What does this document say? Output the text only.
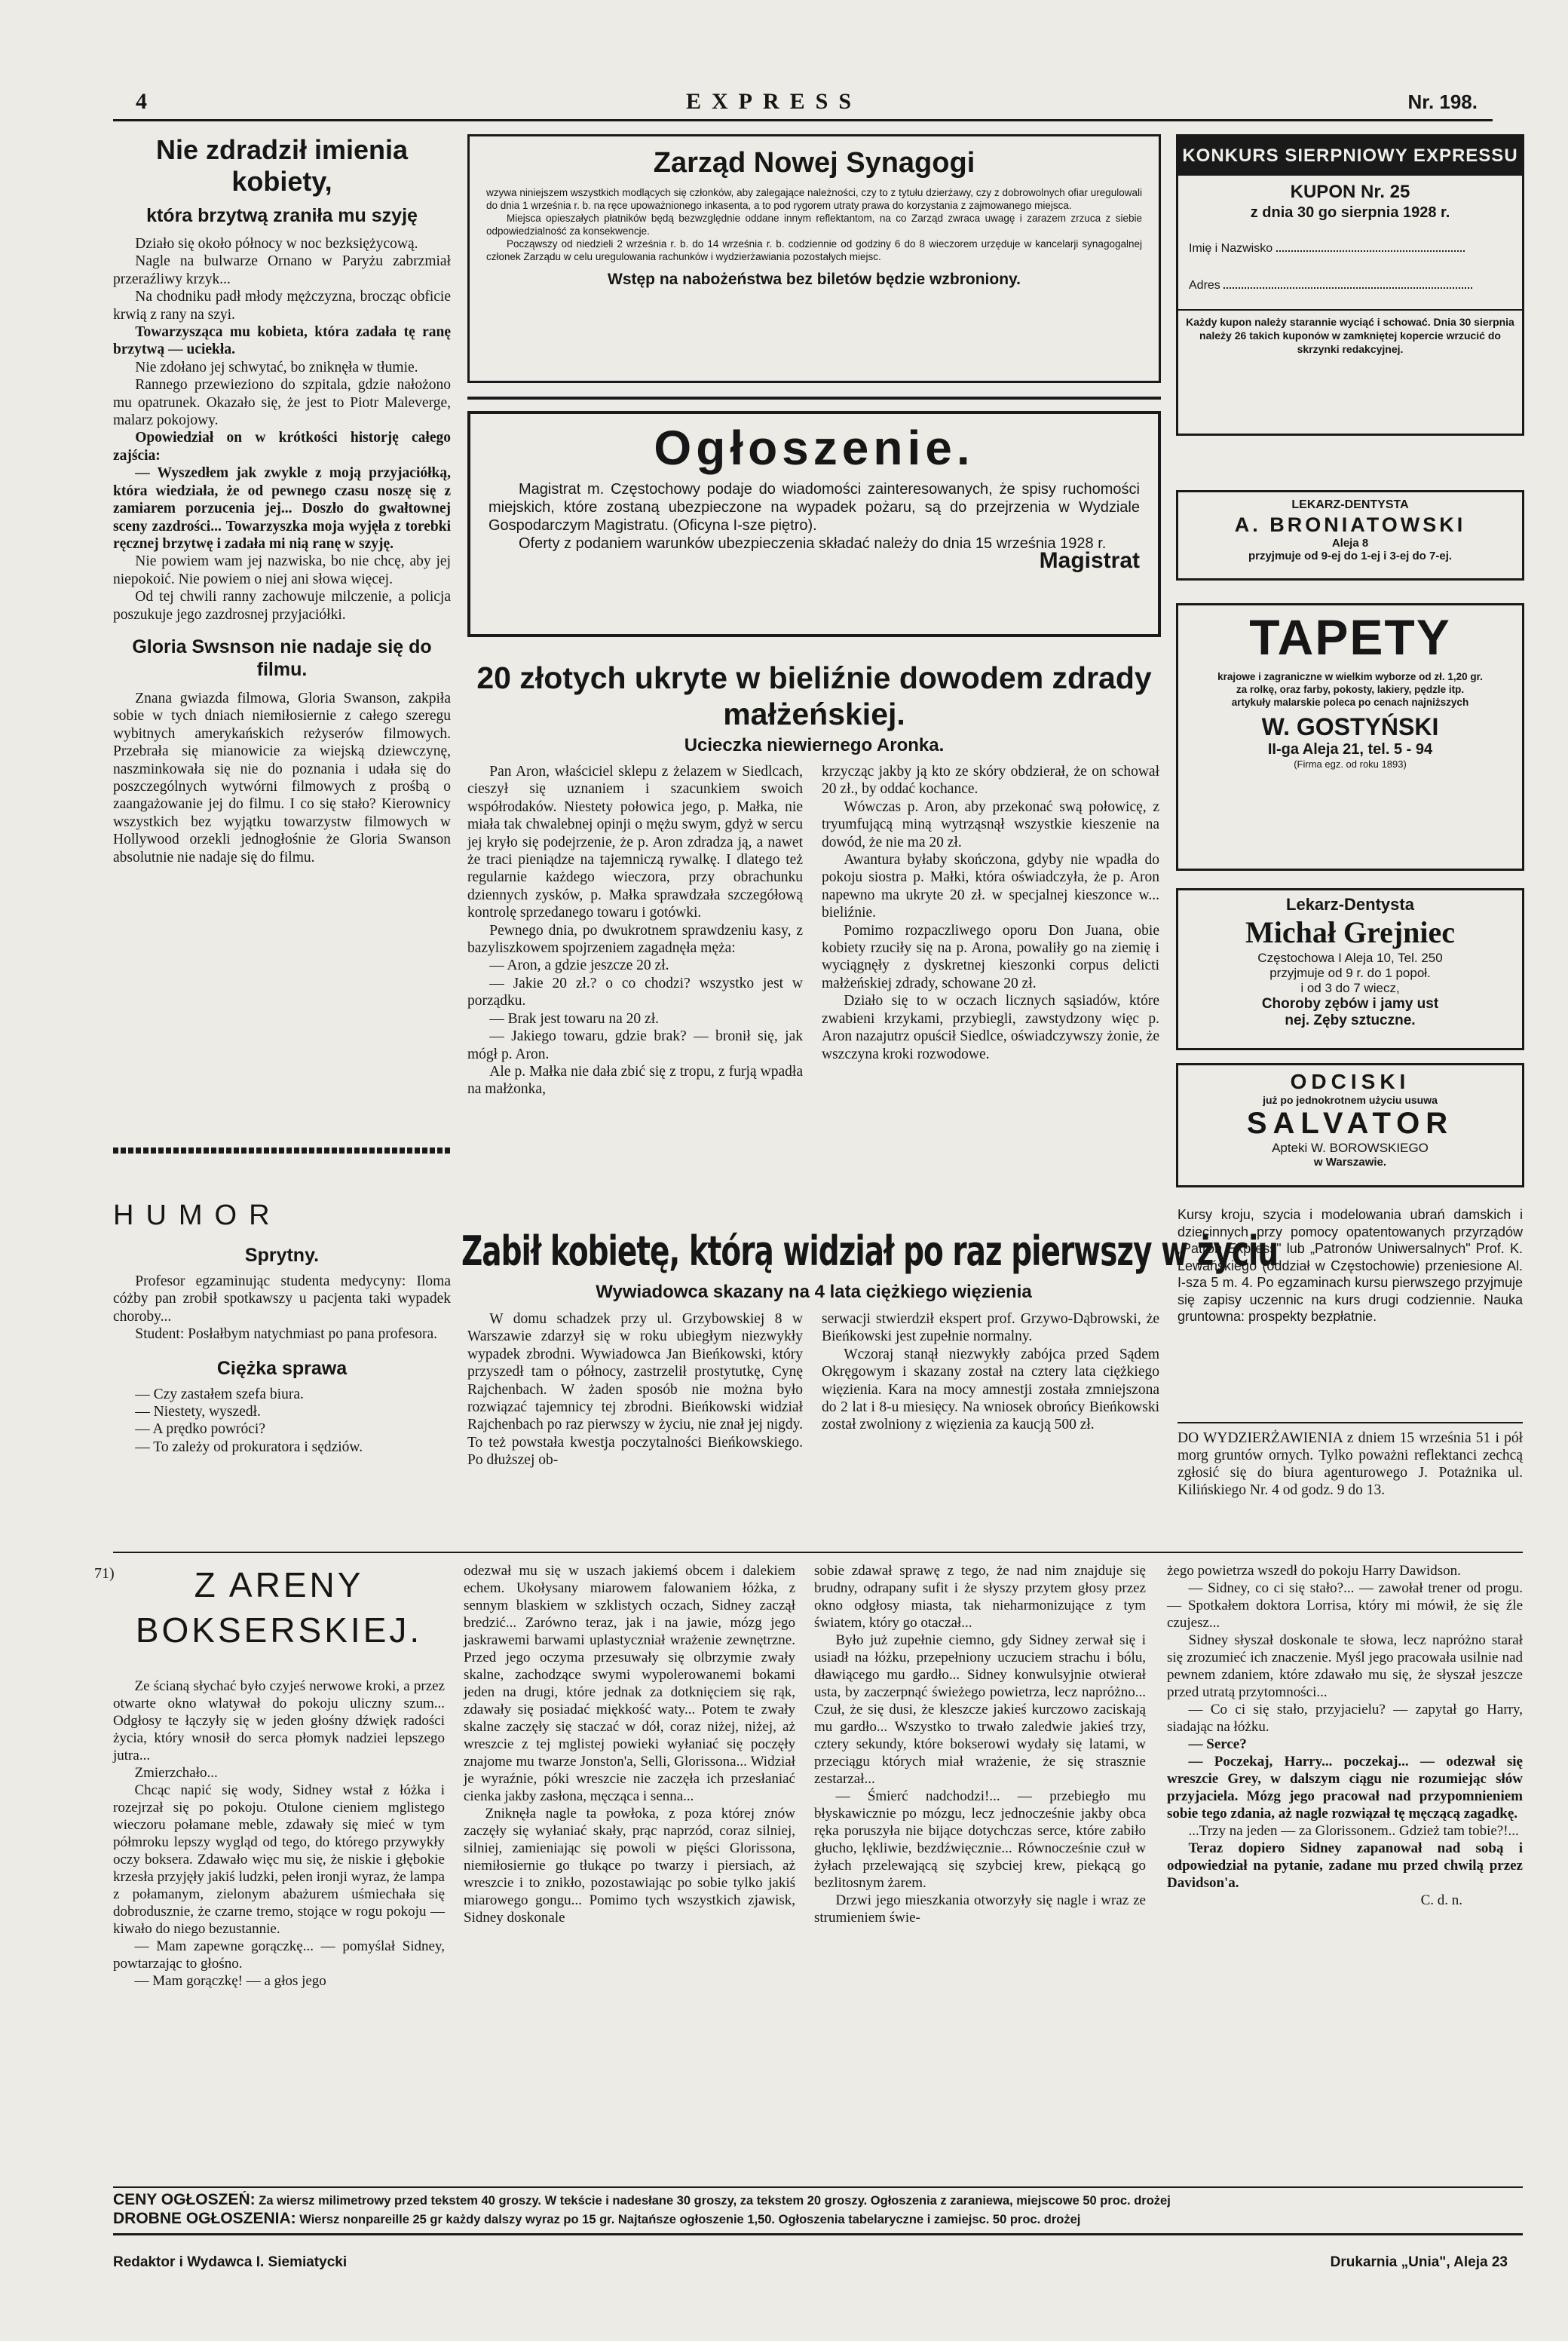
4	EXPRESS	Nr. 198.
Nie zdradził imienia kobiety,
która brzytwą zraniła mu szyję

Działo się około północy w noc bezksiężycową.

Nagle na bulwarze Ornano w Paryżu zabrzmiał przeraźliwy krzyk...

Na chodniku padł młody mężczyzna, brocząc obficie krwią z rany na szyi.

Towarzysząca mu kobieta, która zadała tę ranę brzytwą — uciekła.

Nie zdołano jej schwytać, bo zniknęła w tłumie.

Rannego przewieziono do szpitala, gdzie nałożono mu opatrunek. Okazało się, że jest to Piotr Maleverge, malarz pokojowy.

Opowiedział on w krótkości historję całego zajścia:

— Wyszedłem jak zwykle z moją przyjaciółką, która wiedziała, że od pewnego czasu noszę się z zamiarem porzucenia jej... Doszło do gwałtownej sceny zazdrości... Towarzyszka moja wyjęła z torebki ręcznej brzytwę i zadała mi nią ranę w szyję.

Nie powiem wam jej nazwiska, bo nie chcę, aby jej niepokoić. Nie powiem o niej ani słowa więcej.

Od tej chwili ranny zachowuje milczenie, a policja poszukuje jego zazdrosnej przyjaciółki.

Gloria Swsnson nie nadaje się do filmu.

Znana gwiazda filmowa, Gloria Swanson, zakpiła sobie w tych dniach niemiłosiernie z całego szeregu wybitnych amerykańskich reżyserów filmowych. Przebrała się mianowicie za wiejską dziewczynę, naszminkowała się nie do poznania i udała się do poszczególnych wytwórni filmowych z prośbą o zaangażowanie jej do filmu. I co się stało? Kierownicy wszystkich bez wyjątku towarzystw filmowych w Hollywood orzekli jednogłośnie że Gloria Swanson absolutnie nie nadaje się do filmu.

HUMOR
Sprytny.

Profesor egzaminując studenta medycyny: Iloma cóżby pan zrobił spotkawszy u pacjenta taki wypadek choroby...

Student: Posłałbym natychmiast po pana profesora.

Ciężka sprawa

— Czy zastałem szefa biura.

— Niestety, wyszedł.

— A prędko powróci?

— To zależy od prokuratora i sędziów.

Zarząd Nowej Synagogi

wzywa niniejszem wszystkich modlących się członków, aby zalegające należności, czy to z tytułu dzierżawy, czy z dobrowolnych ofiar uregulowali do dnia 1 września r. b. na ręce upoważnionego inkasenta, a to pod rygorem utraty prawa do korzystania z zajmowanego miejsca.

Miejsca opieszałych płatników będą bezwzględnie oddane innym reflektantom, na co Zarząd zwraca uwagę i zarazem zrzuca z siebie odpowiedzialność za konsekwencje.

Począwszy od niedzieli 2 września r. b. do 14 września r. b. codziennie od godziny 6 do 8 wieczorem urzęduje w kancelarji synagogalnej członek Zarządu w celu uregulowania rachunków i wydzierżawiania pozostałych miejsc.

Wstęp na nabożeństwa bez biletów będzie wzbroniony.
Ogłoszenie.

Magistrat m. Częstochowy podaje do wiadomości zainteresowanych, że spisy ruchomości miejskich, które zostaną ubezpieczone na wypadek pożaru, są do przejrzenia w Wydziale Gospodarczym Magistratu. (Oficyna I-sze piętro).

Oferty z podaniem warunków ubezpieczenia składać należy do dnia 15 września 1928 r.

Magistrat
20 złotych ukryte w bieliźnie dowodem zdrady małżeńskiej.
Ucieczka niewiernego Aronka.

Pan Aron, właściciel sklepu z żelazem w Siedlcach, cieszył się uznaniem i szacunkiem swoich współrodaków. Niestety połowica jego, p. Małka, nie miała tak chwalebnej opinji o mężu swym, gdyż w sercu jej kryło się podejrzenie, że p. Aron zdradza ją, a nawet że traci pieniądze na tajemniczą rywalkę. I dlatego też regularnie każdego wieczora, przy obrachunku dziennych zysków, p. Małka sprawdzała szczegółową kontrolę sprzedanego towaru i gotówki.

Pewnego dnia, po dwukrotnem sprawdzeniu kasy, z bazyliszkowem spojrzeniem zagadnęła męża:

— Aron, a gdzie jeszcze 20 zł.

— Jakie 20 zł.? o co chodzi? wszystko jest w porządku.

— Brak jest towaru na 20 zł.

— Jakiego towaru, gdzie brak? — bronił się, jak mógł p. Aron.

Ale p. Małka nie dała zbić się z tropu, z furją wpadła na małżonka,

krzycząc jakby ją kto ze skóry obdzierał, że on schował 20 zł., by oddać kochance.

Wówczas p. Aron, aby przekonać swą połowicę, z tryumfującą miną wytrząsnął wszystkie kieszenie na dowód, że nie ma 20 zł.

Awantura byłaby skończona, gdyby nie wpadła do pokoju siostra p. Małki, która oświadczyła, że p. Aron napewno ma ukryte 20 zł. w specjalnej kieszonce w... bieliźnie.

Pomimo rozpaczliwego oporu Don Juana, obie kobiety rzuciły się na p. Arona, powaliły go na ziemię i wyciągnęły z dyskretnej kieszonki corpus delicti małżeńskiej zdrady, schowane 20 zł.

Działo się to w oczach licznych sąsiadów, które zwabieni krzykami, przybiegli, zawstydzony więc p. Aron nazajutrz opuścił Siedlce, oświadczywszy żonie, że wszczyna kroki rozwodowe.

Zabił kobietę, którą widział po raz pierwszy w życiu
Wywiadowca skazany na 4 lata ciężkiego więzienia

W domu schadzek przy ul. Grzybowskiej 8 w Warszawie zdarzył się w roku ubiegłym niezwykły wypadek zbrodni. Wywiadowca Jan Bieńkowski, który przyszedł tam o północy, zastrzelił prostytutkę, Cynę Rajchenbach. W żaden sposób nie można było rozwiązać tajemnicy tej zbrodni. Bieńkowski widział Rajchenbach po raz pierwszy w życiu, nie znał jej nigdy. To też powstała kwestja poczytalności Bieńkowskiego. Po dłuższej ob-

serwacji stwierdził ekspert prof. Grzywo-Dąbrowski, że Bieńkowski jest zupełnie normalny.

Wczoraj stanął niezwykły zabójca przed Sądem Okręgowym i skazany został na cztery lata ciężkiego więzienia. Kara na mocy amnestji została zmniejszona do 2 lat i 8-u miesięcy. Na wniosek obrońcy Bieńkowski został zwolniony z więzienia za kaucją 500 zł.

KONKURS SIERPNIOWY EXPRESSU
KUPON Nr. 25
z dnia 30 go sierpnia 1928 r.
Imię i Nazwisko
Adres
Każdy kupon należy starannie wyciąć i schować. Dnia 30 sierpnia należy 26 takich kuponów w zamkniętej kopercie wrzucić do skrzynki redakcyjnej.
LEKARZ-DENTYSTA
A. BRONIATOWSKI
Aleja 8
przyjmuje od 9-ej do 1-ej i 3-ej do 7-ej.
TAPETY
krajowe i zagraniczne w wielkim wyborze od zł. 1,20 gr. za rolkę, oraz farby, pokosty, lakiery, pędzle itp. artykuły malarskie poleca po cenach najniższych
W. GOSTYŃSKI
II-ga Aleja 21, tel. 5 - 94
(Firma egz. od roku 1893)
Lekarz-Dentysta
Michał Grejniec
Częstochowa I Aleja 10, Tel. 250
przyjmuje od 9 r. do 1 popoł.
i od 3 do 7 wiecz,
Choroby zębów i jamy ust
nej. Zęby sztuczne.
ODCISKI
już po jednokrotnem użyciu usuwa
SALVATOR
Apteki W. BOROWSKIEGO
w Warszawie.

Kursy kroju, szycia i modelowania ubrań damskich i dziecinnych przy pomocy opatentowanych przyrządów „Patron Express" lub „Patronów Uniwersalnych" Prof. K. Lewańskiego (oddział w Częstochowie) przeniesione Al. I-sza 5 m. 4. Po egzaminach kursu pierwszego przyjmuje się zapisy uczennic na kurs drugi codziennie. Nauka gruntowna: prospekty bezpłatnie.

DO WYDZIERŻAWIENIA z dniem 15 września 51 i pół morg gruntów ornych. Tylko poważni reflektanci zechcą zgłosić się do biura agenturowego J. Potażnika ul. Kilińskiego Nr. 4 od godz. 9 do 13.

71)	Z ARENY BOKSERSKIEJ.

Ze ścianą słychać było czyjeś nerwowe kroki, a przez otwarte okno wlatywał do pokoju uliczny szum... Odgłosy te łączyły się w jeden głośny dźwięk radości życia, który wnosił do serca płomyk nadziei lepszego jutra...

Zmierzchało...

Chcąc napić się wody, Sidney wstał z łóżka i rozejrzał się po pokoju. Otulone cieniem mglistego wieczoru połamane meble, zdawały się mieć w tym półmroku lepszy wygląd od tego, do którego przywykły oczy boksera. Zdawało więc mu się, że niskie i głębokie krzesła przyjęły jakiś ludzki, pełen ironji wyraz, że lampa z połamanym, zielonym abażurem uśmiechała się dobrodusznie, że czarne tremo, stojące w rogu pokoju — kiwało do niego bezustannie.

— Mam zapewne gorączkę... — pomyślał Sidney, powtarzając to głośno.

— Mam gorączkę! — a głos jego

odezwał mu się w uszach jakiemś obcem i dalekiem echem. Ukołysany miarowem falowaniem łóżka, z sennym blaskiem w szklistych oczach, Sidney zaczął bredzić... Zarówno teraz, jak i na jawie, mózg jego jaskrawemi barwami uplastyczniał wrażenie zewnętrzne. Przed jego oczyma przesuwały się olbrzymie zwały skalne, zachodzące swymi wypolerowanemi bokami jeden na drugi, które jednak za dotknięciem się rąk, zdawały się posiadać miękkość waty... Potem te zwały skalne zaczęły się staczać w dół, coraz niżej, niżej, aż wreszcie z tej mglistej powieki wyłaniać się poczęły znajome mu twarze Jonston'a, Selli, Glorissona... Widział je wyraźnie, póki wreszcie nie zaczęła ich przesłaniać cienka jakby zasłona, męcząca i senna...

Zniknęła nagle ta powłoka, z poza której znów zaczęły się wyłaniać skały, prąc naprzód, coraz silniej, silniej, zamieniając się powoli w pięści Glorissona, niemiłosiernie go tłukące po twarzy i piersiach, aż wreszcie i to znikło, pozostawiając po sobie tylko jakiś miarowego gongu... Pomimo tych wszystkich zjawisk, Sidney doskonale

sobie zdawał sprawę z tego, że nad nim znajduje się brudny, odrapany sufit i że słyszy przytem głosy przez okno odgłosy miasta, tak nieharmonizujące z tym światem, który go otaczał...

Było już zupełnie ciemno, gdy Sidney zerwał się i usiadł na łóżku, przepełniony uczuciem strachu i bólu, dławiącego mu gardło... Sidney konwulsyjnie otwierał usta, by zaczerpnąć świeżego powietrza, lecz napróżno... Czuł, że się dusi, że kleszcze jakieś kurczowo zaciskają mu gardło... Wszystko to trwało zaledwie jakieś trzy, cztery sekundy, które bokserowi wydały się latami, w przeciągu których miał wrażenie, że się strasznie zestarzał...

— Śmierć nadchodzi!... — przebiegło mu błyskawicznie po mózgu, lecz jednocześnie jakby obca ręka poruszyła nie bijące dotychczas serce, które zabiło głucho, lękliwie, bezdźwięcznie... Równocześnie czuł w żyłach przelewającą się szybciej krew, piekącą go bezlitosnym żarem.

Drzwi jego mieszkania otworzyły się nagle i wraz ze strumieniem świe-

żego powietrza wszedł do pokoju Harry Dawidson.

— Sidney, co ci się stało?... — zawołał trener od progu. — Spotkałem doktora Lorrisa, który mi mówił, że się źle czujesz...

Sidney słyszał doskonale te słowa, lecz napróżno starał się zrozumieć ich znaczenie. Myśl jego pracowała usilnie nad pewnem zdaniem, które zdawało mu się, że słyszał jeszcze przed utratą przytomności...

— Co ci się stało, przyjacielu? — zapytał go Harry, siadając na łóżku.

— Serce?

— Poczekaj, Harry... poczekaj... — odezwał się wreszcie Grey, w dalszym ciągu nie rozumiejąc słów przyjaciela. Mózg jego pracował nad przypomnieniem sobie tego zdania, aż nagle rozwiązał tę męczącą zagadkę.

...Trzy na jeden — za Glorissonem.. Gdzież tam tobie?!...

Teraz dopiero Sidney zapanował nad sobą i odpowiedział na pytanie, zadane mu przed chwilą przez Davidson'a.

C. d. n.

CENY OGŁOSZEŃ: Za wiersz milimetrowy przed tekstem 40 groszy. W tekście i nadesłane 30 groszy, za tekstem 20 groszy. Ogłoszenia z zaraniewa, miejscowe 50 proc. drożej
DROBNE OGŁOSZENIA: Wiersz nonpareille 25 gr każdy dalszy wyraz po 15 gr. Najtańsze ogłoszenie 1,50. Ogłoszenia tabelaryczne i zamiejsc. 50 proc. drożej
Redaktor i Wydawca I. Siemiatycki	Drukarnia „Unia", Aleja 23
